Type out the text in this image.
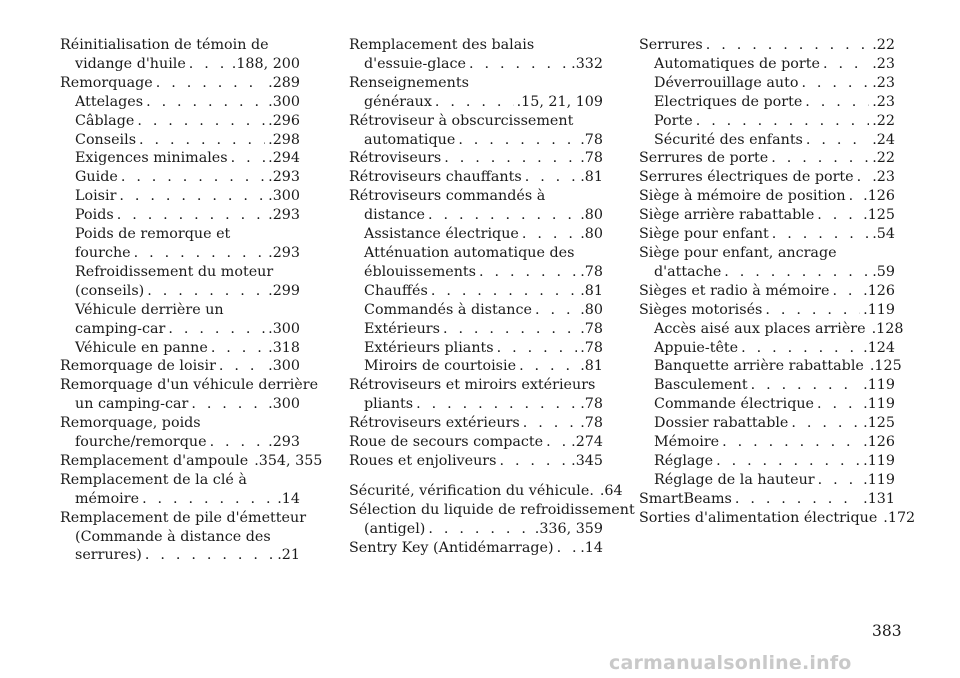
Réinitialisation de témoin de
vidange d'huile . . .	.188, 200
Remorquage . . .	.289
Attelages . . .	.300
Câblage . . .	.296
Conseils . . .	.298
Exigences minimales . . .	.294
Guide . . .	.293
Loisir . . .	.300
Poids . . .	.293
Poids de remorque et
fourche . . .	.293
Refroidissement du moteur
(conseils) . . .	.299
Véhicule derrière un
camping-car . . .	.300
Véhicule en panne . . .	.318
Remorquage de loisir . . .	.300
Remorquage d'un véhicule derrière
un camping-car . . .	.300
Remorquage, poids
fourche/remorque . . .	.293
Remplacement d'ampoule .354, 355
Remplacement de la clé à
mémoire . . .	.14
Remplacement de pile d'émetteur
(Commande à distance des
serrures) . . .	.21
Remplacement des balais
d'essuie-glace . . .	.332
Renseignements
généraux . . .	.15, 21, 109
Rétroviseur à obscurcissement
automatique . . .	.78
Rétroviseurs . . .	.78
Rétroviseurs chauffants . . .	.81
Rétroviseurs commandés à
distance . . .	.80
Assistance électrique . . .	.80
Atténuation automatique des
éblouissements . . .	.78
Chauffés . . .	.81
Commandés à distance . . .	.80
Extérieurs . . .	.78
Extérieurs pliants . . .	.78
Miroirs de courtoisie . . .	.81
Rétroviseurs et miroirs extérieurs
pliants . . .	.78
Rétroviseurs extérieurs . . .	.78
Roue de secours compacte . . . .274
Roues et enjoliveurs . . .	.345
Sécurité, vérification du véhicule. .64
Sélection du liquide de refroidissement
(antigel) . . .	.336, 359
Sentry Key (Antidémarrage) . . . .14
Serrures . . .	.22
Automatiques de porte . . .	.23
Déverrouillage auto . . .	.23
Electriques de porte . . .	.23
Porte . . .	.22
Sécurité des enfants . . .	.24
Serrures de porte . . .	.22
Serrures électriques de porte . . . .23
Siège à mémoire de position . . . .126
Siège arrière rabattable . . .	.125
Siège pour enfant . . .	.54
Siège pour enfant, ancrage
d'attache . . .	.59
Sièges et radio à mémoire . . . .126
Sièges motorisés . . .	.119
Accès aisé aux places arrière .128
Appuie-tête . . .	.124
Banquette arrière rabattable .125
Basculement . . .	.119
Commande électrique . . .	.119
Dossier rabattable . . .	.125
Mémoire . . .	.126
Réglage . . .	.119
Réglage de la hauteur . . .	.119
SmartBeams . . .	.131
Sorties d'alimentation électrique .172
383
carmanualsonline.info
